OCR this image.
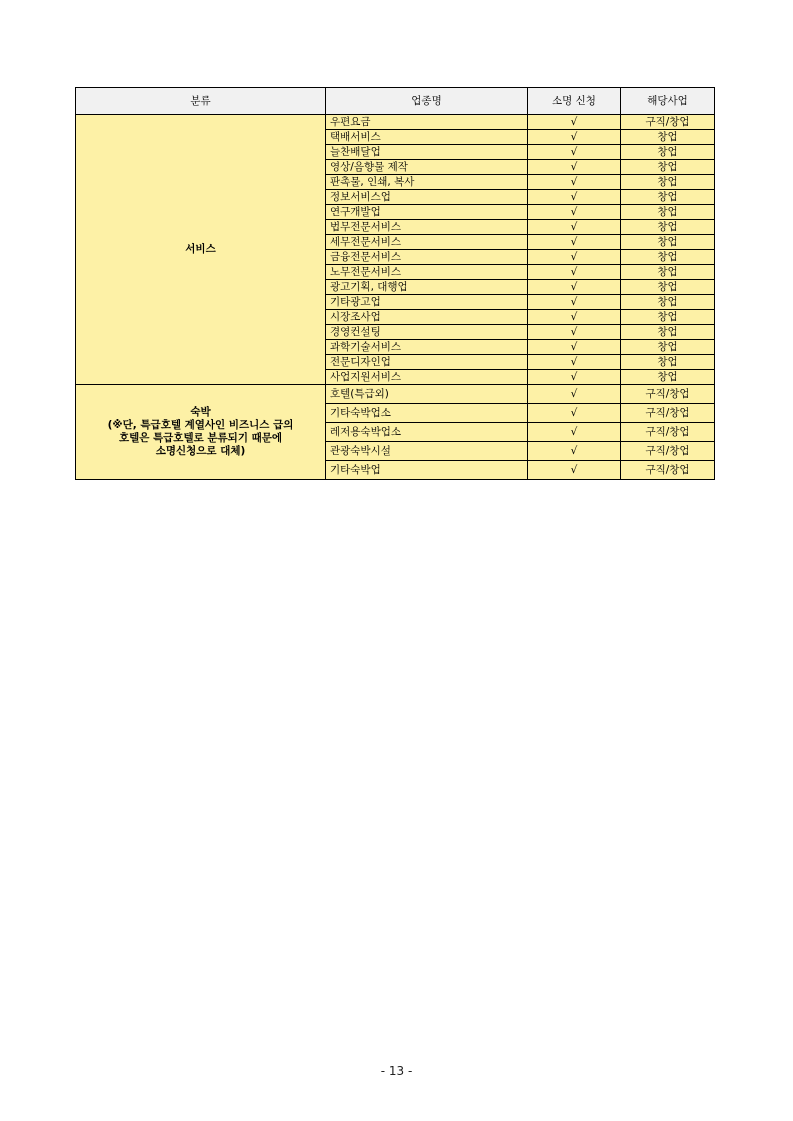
분류	업종명	소명 신청	해당사업

서비스	우편요금	√	구직/창업
	택배서비스	√	창업
	늘찬배달업	√	창업
	영상/음향물 제작	√	창업
	판촉물, 인쇄, 복사	√	창업
	정보서비스업	√	창업
	연구개발업	√	창업
	법무전문서비스	√	창업
	세무전문서비스	√	창업
	금융전문서비스	√	창업
	노무전문서비스	√	창업
	광고기획, 대행업	√	창업
	기타광고업	√	창업
	시장조사업	√	창업
	경영컨설팅	√	창업
	과학기술서비스	√	창업
	전문디자인업	√	창업
	사업지원서비스	√	창업

숙박
(※단, 특급호텔 계열사인 비즈니스 급의
호텔은 특급호텔로 분류되기 때문에
소명신청으로 대체)	호텔(특급외)	√	구직/창업
	기타숙박업소	√	구직/창업
	레저용숙박업소	√	구직/창업
	관광숙박시설	√	구직/창업
	기타숙박업	√	구직/창업
- 13 -
